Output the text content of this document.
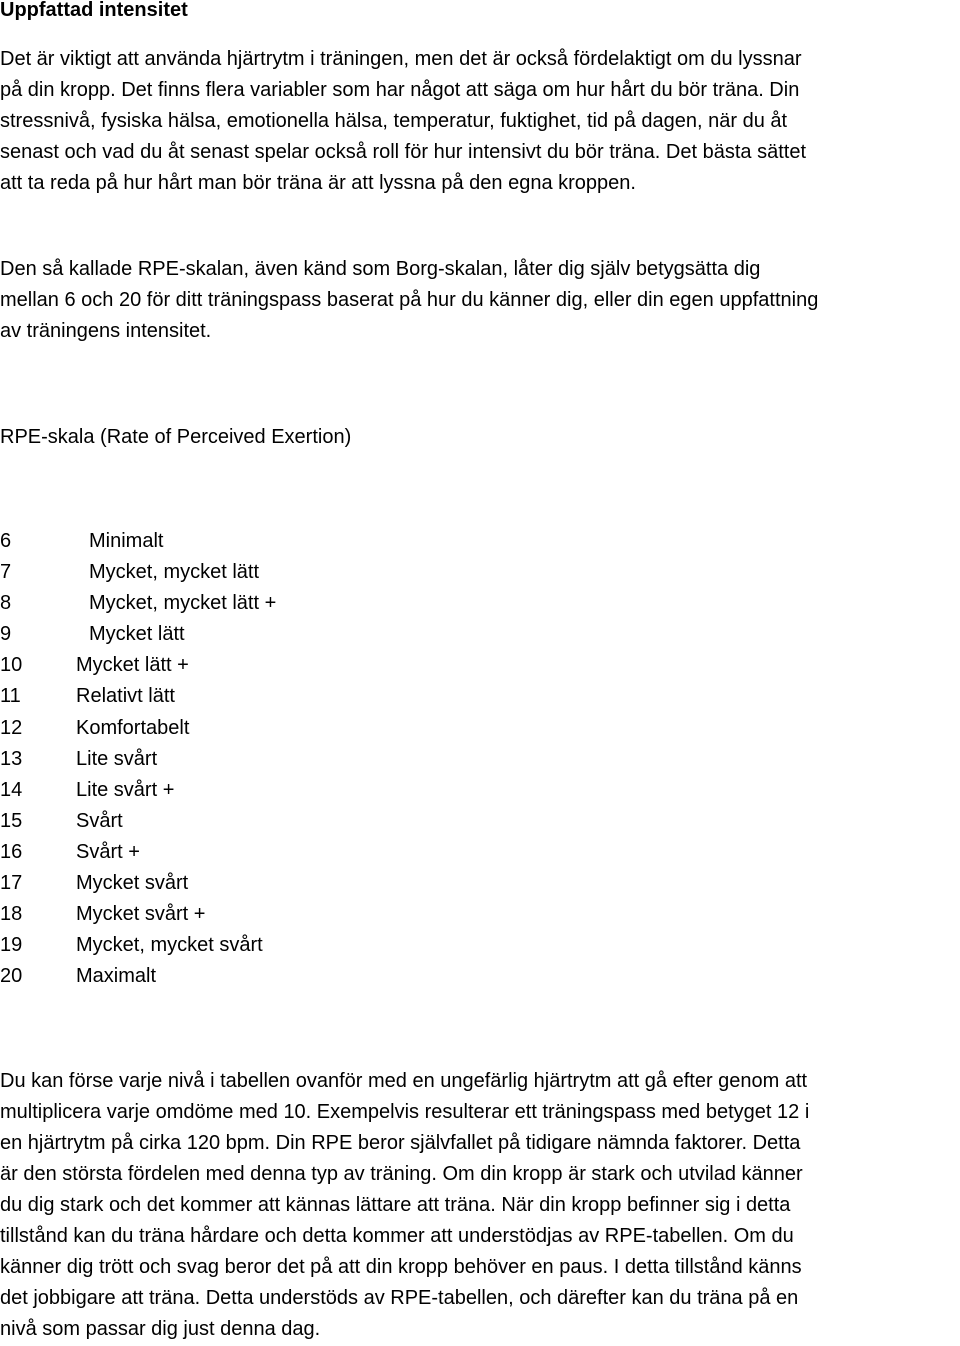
Uppfattad intensitet
Det är viktigt att använda hjärtrytm i träningen, men det är också fördelaktigt om du lyssnar
på din kropp. Det finns flera variabler som har något att säga om hur hårt du bör träna. Din
stressnivå, fysiska hälsa, emotionella hälsa, temperatur, fuktighet, tid på dagen, när du åt
senast och vad du åt senast spelar också roll för hur intensivt du bör träna. Det bästa sättet
att ta reda på hur hårt man bör träna är att lyssna på den egna kroppen.
Den så kallade RPE-skalan, även känd som Borg-skalan, låter dig själv betygsätta dig
mellan 6 och 20 för ditt träningspass baserat på hur du känner dig, eller din egen uppfattning
av träningens intensitet.
RPE-skala (Rate of Perceived Exertion)
6	Minimalt
7	Mycket, mycket lätt
8	Mycket, mycket lätt +
9	Mycket lätt
10	Mycket lätt +
11	Relativt lätt
12	Komfortabelt
13	Lite svårt
14	Lite svårt +
15	Svårt
16	Svårt +
17	Mycket svårt
18	Mycket svårt +
19	Mycket, mycket svårt
20	Maximalt
Du kan förse varje nivå i tabellen ovanför med en ungefärlig hjärtrytm att gå efter genom att
multiplicera varje omdöme med 10. Exempelvis resulterar ett träningspass med betyget 12 i
en hjärtrytm på cirka 120 bpm. Din RPE beror självfallet på tidigare nämnda faktorer. Detta
är den största fördelen med denna typ av träning. Om din kropp är stark och utvilad känner
du dig stark och det kommer att kännas lättare att träna. När din kropp befinner sig i detta
tillstånd kan du träna hårdare och detta kommer att understödjas av RPE-tabellen. Om du
känner dig trött och svag beror det på att din kropp behöver en paus. I detta tillstånd känns
det jobbigare att träna. Detta understöds av RPE-tabellen, och därefter kan du träna på en
nivå som passar dig just denna dag.
